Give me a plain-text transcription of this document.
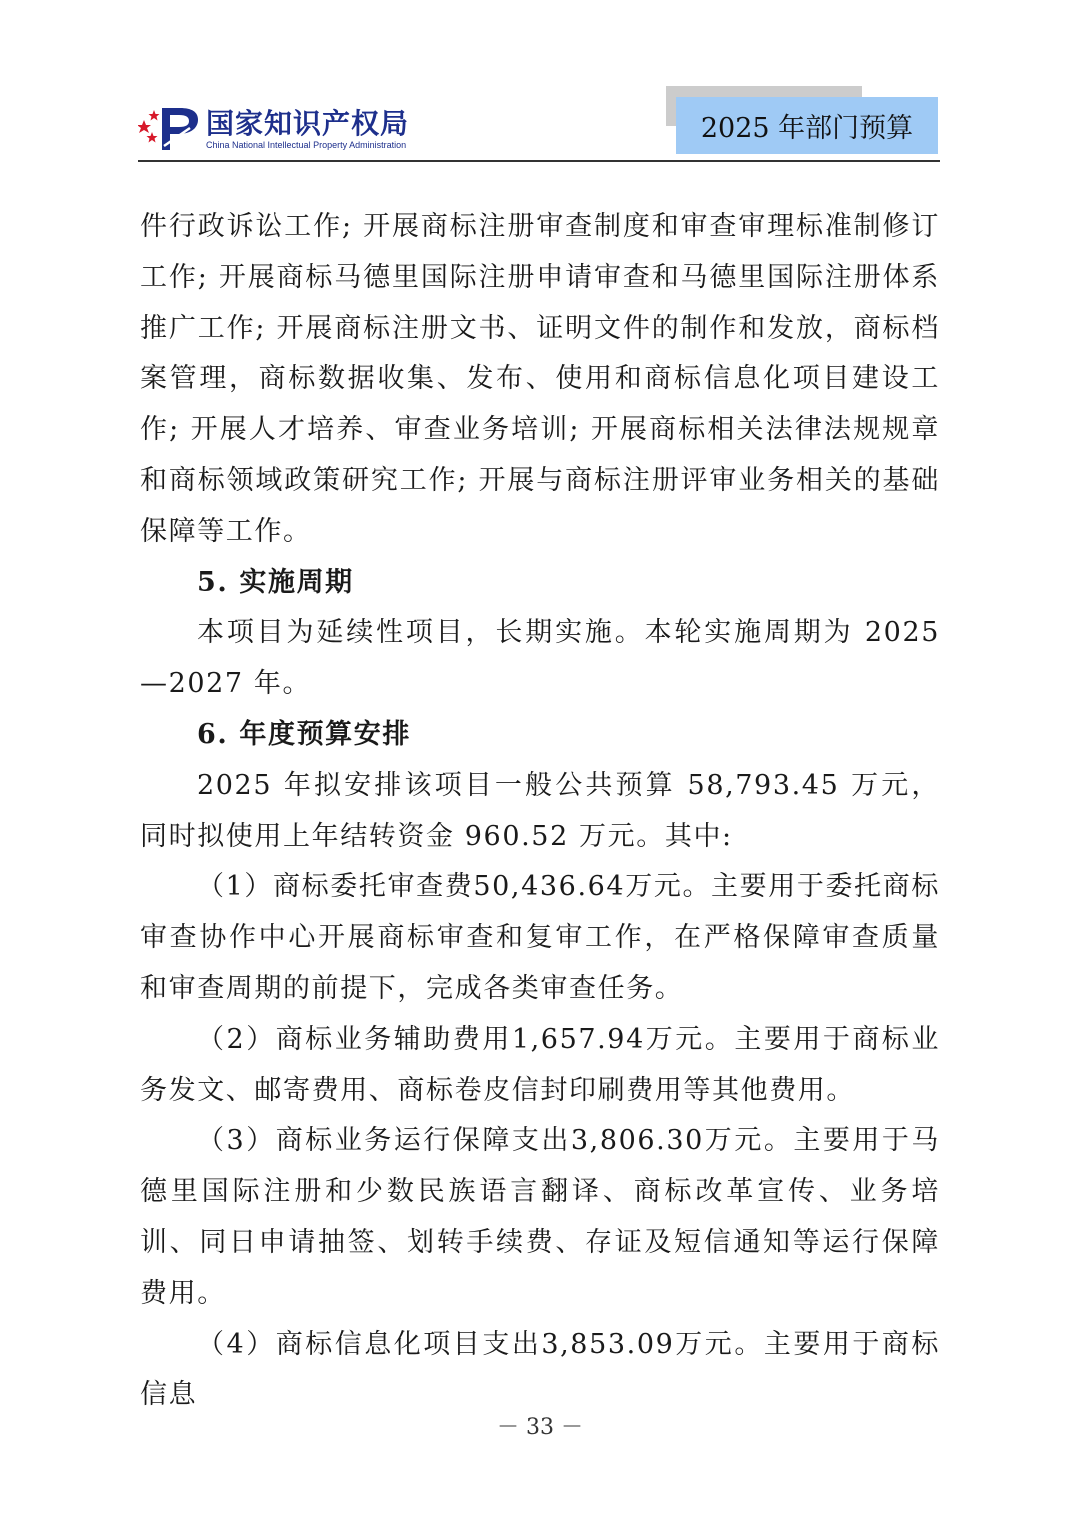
国家知识产权局
China National Intellectual Property Administration
2025 年部门预算

件行政诉讼工作; 开展商标注册审查制度和审查审理标准制修订工作; 开展商标马德里国际注册申请审查和马德里国际注册体系推广工作; 开展商标注册文书、证明文件的制作和发放，商标档案管理，商标数据收集、发布、使用和商标信息化项目建设工作; 开展人才培养、审查业务培训; 开展商标相关法律法规规章和商标领域政策研究工作; 开展与商标注册评审业务相关的基础保障等工作。

5. 实施周期

本项目为延续性项目，长期实施。本轮实施周期为 2025—2027 年。

6. 年度预算安排

2025 年拟安排该项目一般公共预算 58,793.45 万元，同时拟使用上年结转资金 960.52 万元。其中:

（1）商标委托审查费50,436.64万元。主要用于委托商标审查协作中心开展商标审查和复审工作，在严格保障审查质量和审查周期的前提下，完成各类审查任务。

（2）商标业务辅助费用1,657.94万元。主要用于商标业务发文、邮寄费用、商标卷皮信封印刷费用等其他费用。

（3）商标业务运行保障支出3,806.30万元。主要用于马德里国际注册和少数民族语言翻译、商标改革宣传、业务培训、同日申请抽签、划转手续费、存证及短信通知等运行保障费用。

（4）商标信息化项目支出3,853.09万元。主要用于商标信息

－ 33 －
